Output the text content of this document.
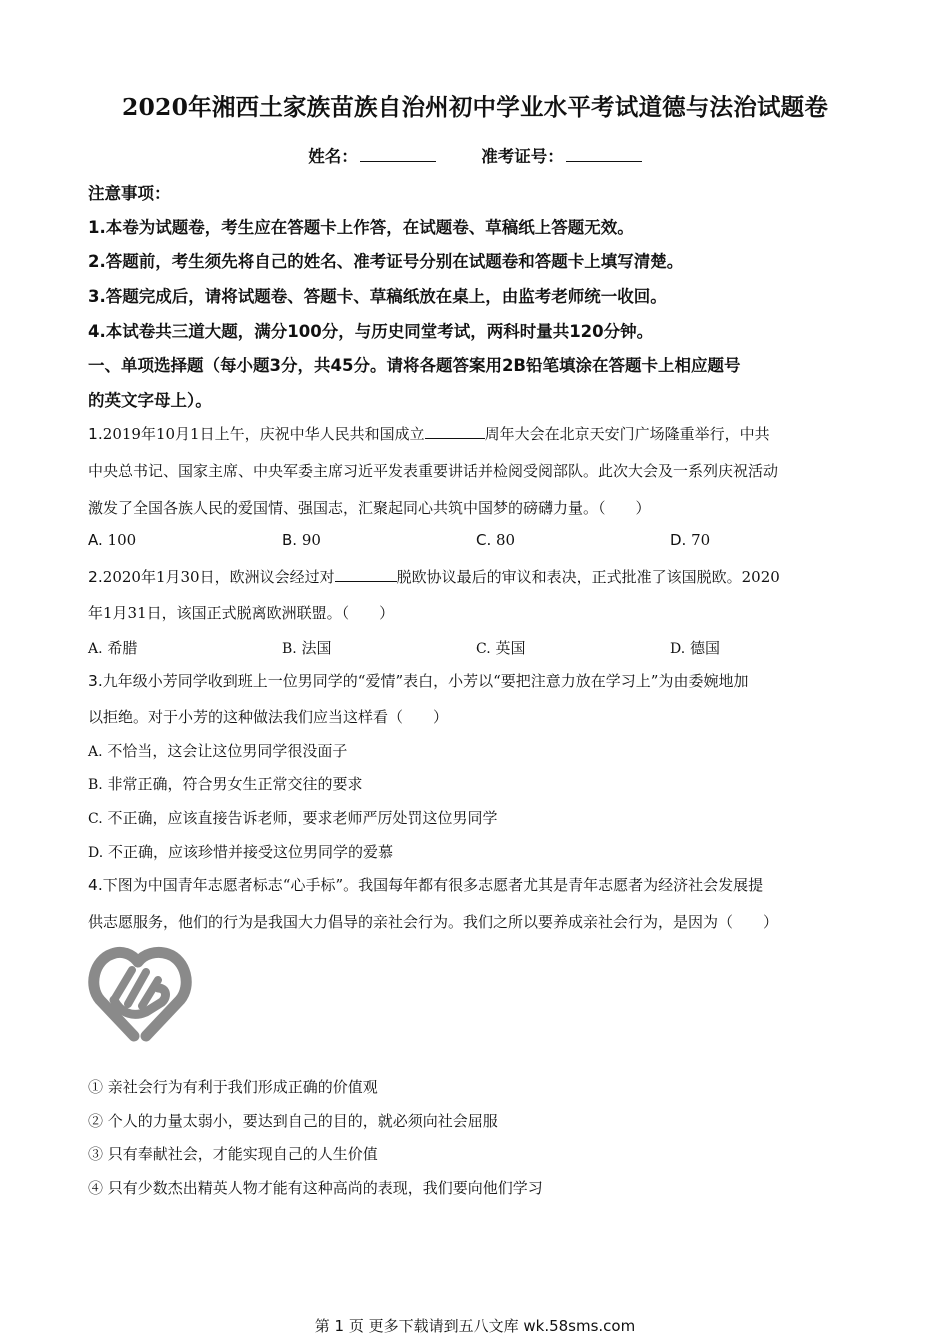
2020年湘西土家族苗族自治州初中学业水平考试道德与法治试题卷
姓名：	准考证号：
注意事项：
1.本卷为试题卷，考生应在答题卡上作答，在试题卷、草稿纸上答题无效。
2.答题前，考生须先将自己的姓名、准考证号分别在试题卷和答题卡上填写清楚。
3.答题完成后，请将试题卷、答题卡、草稿纸放在桌上，由监考老师统一收回。
4.本试卷共三道大题，满分100分，与历史同堂考试，两科时量共120分钟。
一、单项选择题（每小题3分，共45分。请将各题答案用2B铅笔填涂在答题卡上相应题号
的英文字母上）。
1.2019年10月1日上午，庆祝中华人民共和国成立	周年大会在北京天安门广场隆重举行，中共
中央总书记、国家主席、中央军委主席习近平发表重要讲话并检阅受阅部队。此次大会及一系列庆祝活动
激发了全国各族人民的爱国情、强国志，汇聚起同心共筑中国梦的磅礴力量。（　　）
A. 100	B. 90	C. 80	D. 70
2.2020年1月30日，欧洲议会经过对	脱欧协议最后的审议和表决，正式批准了该国脱欧。2020
年1月31日，该国正式脱离欧洲联盟。（　　）
A. 希腊	B. 法国	C. 英国	D. 德国
3.九年级小芳同学收到班上一位男同学的“爱情”表白，小芳以“要把注意力放在学习上”为由委婉地加
以拒绝。对于小芳的这种做法我们应当这样看（　　）
A. 不恰当，这会让这位男同学很没面子
B. 非常正确，符合男女生正常交往的要求
C. 不正确，应该直接告诉老师，要求老师严厉处罚这位男同学
D. 不正确，应该珍惜并接受这位男同学的爱慕
4.下图为中国青年志愿者标志“心手标”。我国每年都有很多志愿者尤其是青年志愿者为经济社会发展提
供志愿服务，他们的行为是我国大力倡导的亲社会行为。我们之所以要养成亲社会行为，是因为（　　）
① 亲社会行为有利于我们形成正确的价值观
② 个人的力量太弱小，要达到自己的目的，就必须向社会屈服
③ 只有奉献社会，才能实现自己的人生价值
④ 只有少数杰出精英人物才能有这种高尚的表现，我们要向他们学习
第 1 页 更多下载请到五八文库 wk.58sms.com
